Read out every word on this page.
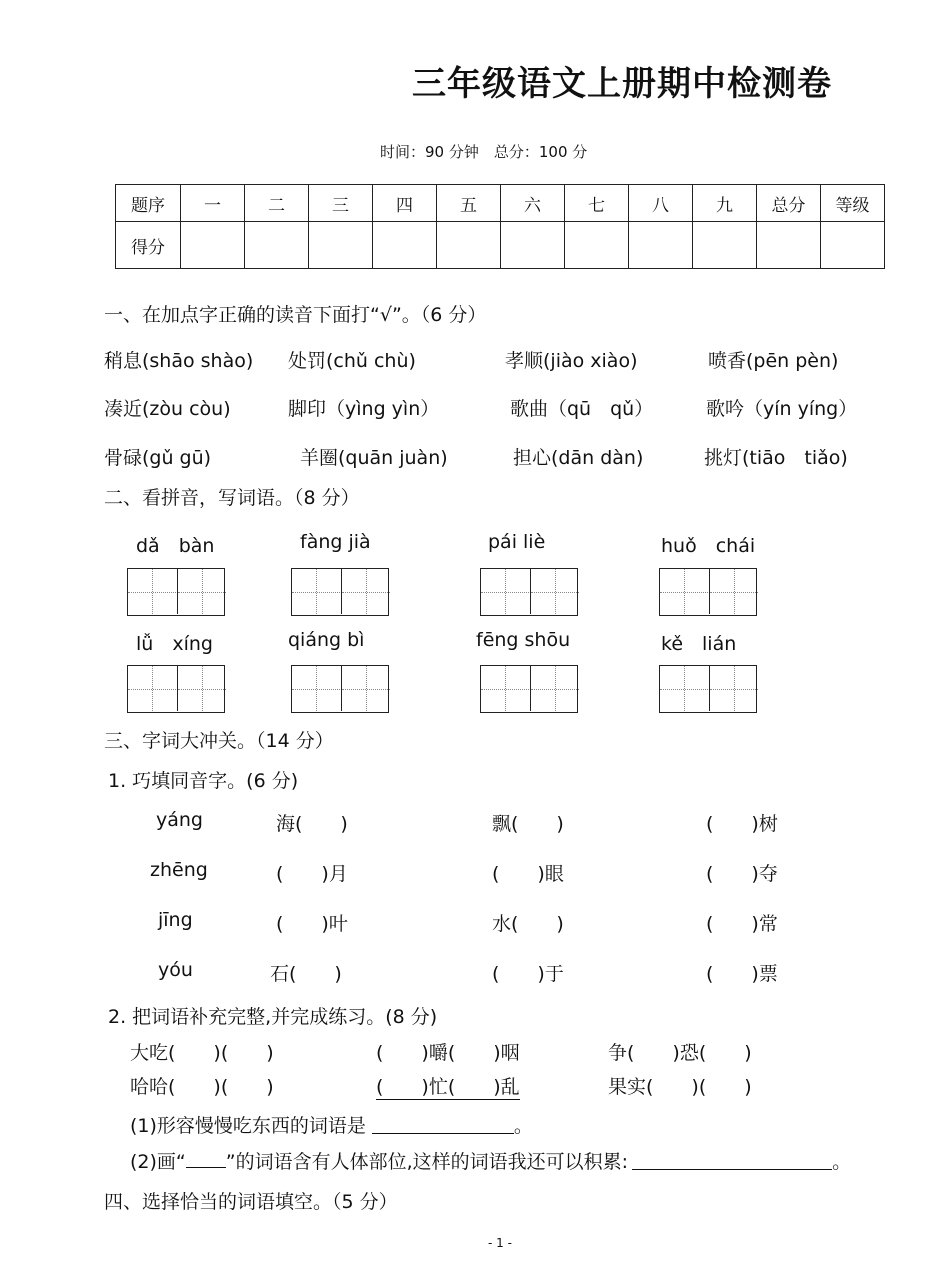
三年级语文上册期中检测卷
时间：90 分钟　总分：100 分
题序	一	二	三	四	五	六	七	八	九	总分	等级
得分											
一、在加点字正确的读音下面打“√”。（6 分）
稍息(shāo shào) 处罚(chǔ chù)	孝顺(jiào xiào)	喷香(pēn pèn)
凑近(zòu còu)	脚印（yìng yìn）	歌曲（qū　qǔ）	歌吟（yín yíng）
骨碌(gǔ gū)	羊圈(quān juàn)	担心(dān dàn)	挑灯(tiāo　tiǎo)
二、看拼音，写词语。（8 分）
dǎ　bàn	fàng jià	pái liè	huǒ　chái
lǚ　xíng	qiáng bì	fēng shōu	kě　lián
三、字词大冲关。（14 分）
1. 巧填同音字。(6 分)
yáng	海(　　)	飘(　　)	(　　)树
zhēng	(　　)月	(　　)眼	(　　)夺
jīng	(　　)叶	水(　　)	(　　)常
yóu	石(　　)	(　　)于	(　　)票
2. 把词语补充完整,并完成练习。(8 分)
大吃(　　)(　　)	(　　)嚼(　　)咽	争(　　)恐(　　)
哈哈(　　)(　　)	(　　)忙(　　)乱	果实(　　)(　　)
(1)形容慢慢吃东西的词语是	。
(2)画“ ”的词语含有人体部位,这样的词语我还可以积累:	。
四、选择恰当的词语填空。（5 分）
- 1 -
